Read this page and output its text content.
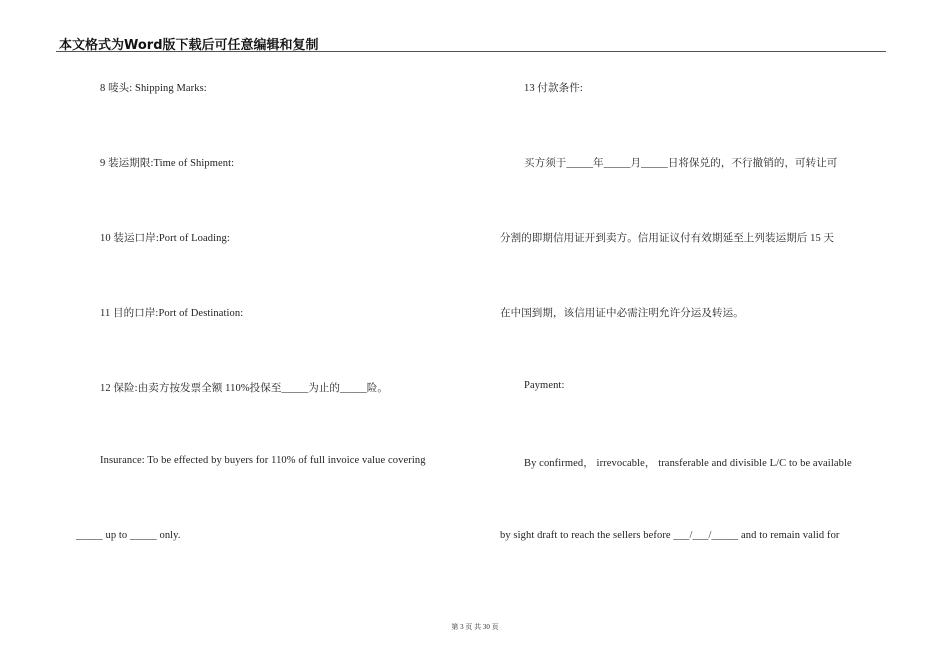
本文格式为Word版下载后可任意编辑和复制
8 唛头: Shipping Marks:
9 装运期限:Time of Shipment:
10 装运口岸:Port of Loading:
11 目的口岸:Port of Destination:
12 保险:由卖方按发票全额 110%投保至_____为止的_____险。
Insurance: To be effected by buyers for 110% of full invoice value covering
_____ up to _____ only.
13 付款条件:
买方须于_____年_____月_____日将保兑的，不行撤销的，可转让可
分割的即期信用证开到卖方。信用证议付有效期延至上列装运期后 15 天
在中国到期，该信用证中必需注明允许分运及转运。
Payment:
By confirmed， irrevocable， transferable and divisible L/C to be available
by sight draft to reach the sellers before ___/___/_____ and to remain valid for
第 3 页 共 30 页
